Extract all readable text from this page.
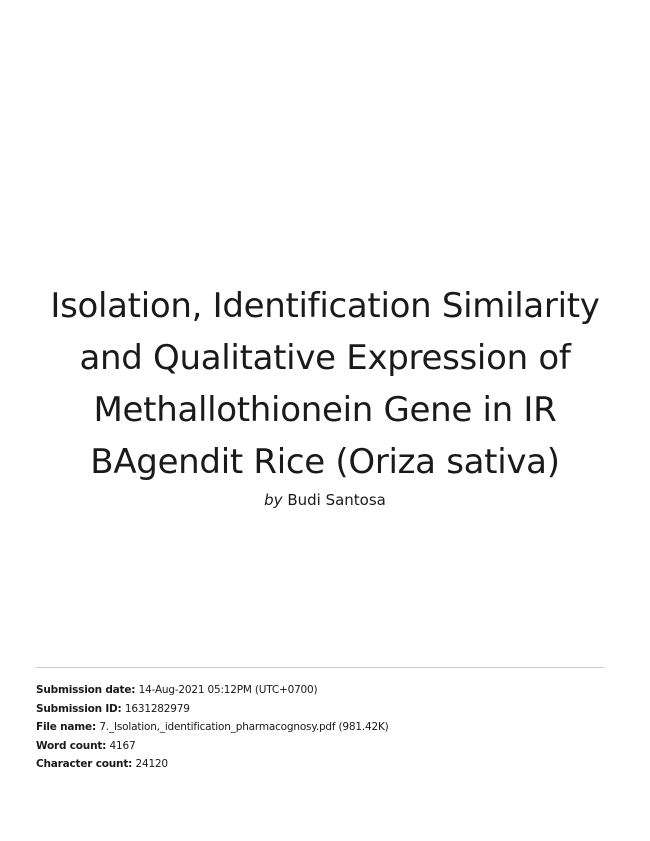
Isolation, Identification Similarity and Qualitative Expression of Methallothionein Gene in IR BAgendit Rice (Oriza sativa)
by Budi Santosa
Submission date: 14-Aug-2021 05:12PM (UTC+0700)
Submission ID: 1631282979
File name: 7._Isolation,_identification_pharmacognosy.pdf (981.42K)
Word count: 4167
Character count: 24120
